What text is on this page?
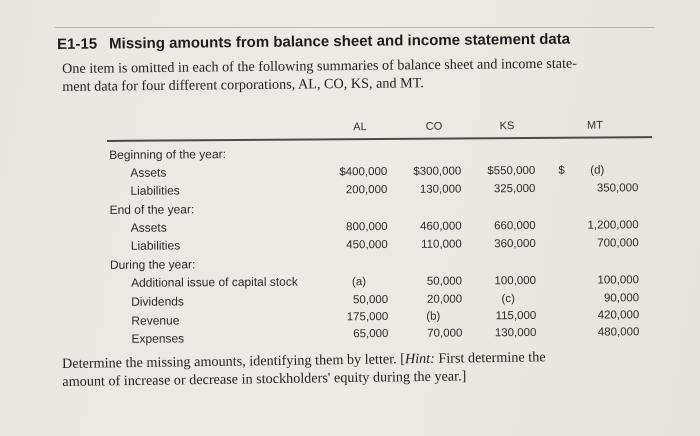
E1-15 Missing amounts from balance sheet and income statement data
One item is omitted in each of the following summaries of balance sheet and income state-
ment data for four different corporations, AL, CO, KS, and MT.
AL	CO	KS	MT
Beginning of the year:
Assets	$400,000	$300,000	$550,000 $	(d)
Liabilities	200,000	130,000	325,000	350,000
End of the year:
Assets	800,000	460,000	660,000	1,200,000
Liabilities	450,000	110,000	360,000	700,000
During the year:
Additional issue of capital stock	(a)	50,000	100,000	100,000
Dividends	50,000	20,000	(c)	90,000
Revenue	175,000	(b)	115,000	420,000
Expenses	65,000	70,000	130,000	480,000
Determine the missing amounts, identifying them by letter. [Hint: First determine the
amount of increase or decrease in stockholders' equity during the year.]
